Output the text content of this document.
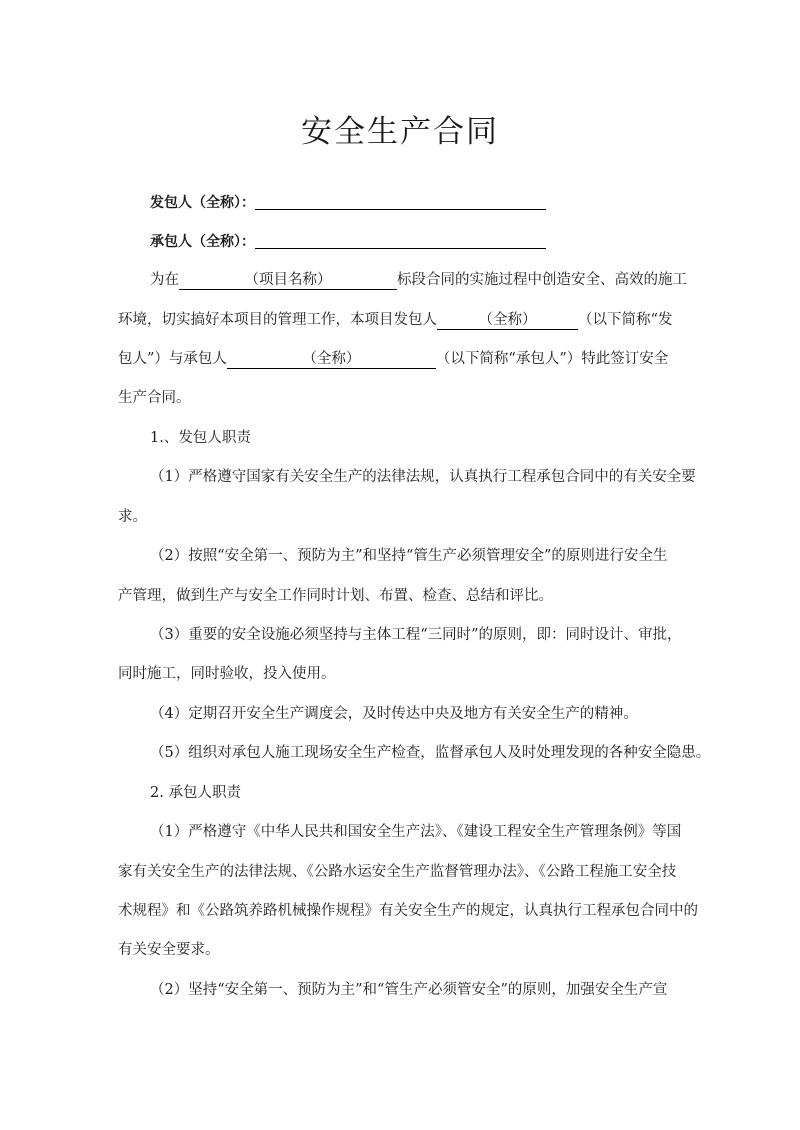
安全生产合同
发包人（全称）：
承包人（全称）：
为在	（项目名称）	标段合同的实施过程中创造安全、高效的施工
环境，切实搞好本项目的管理工作，本项目发包人	（全称）	（以下简称“发
包人”）与承包人	（全称）	（以下简称“承包人”）特此签订安全
生产合同。
1.、发包人职责
（1）严格遵守国家有关安全生产的法律法规，认真执行工程承包合同中的有关安全要
求。
（2）按照“安全第一、预防为主”和坚持“管生产必须管理安全”的原则进行安全生
产管理，做到生产与安全工作同时计划、布置、检查、总结和评比。
（3）重要的安全设施必须坚持与主体工程“三同时”的原则，即：同时设计、审批，
同时施工，同时验收，投入使用。
（4）定期召开安全生产调度会，及时传达中央及地方有关安全生产的精神。
（5）组织对承包人施工现场安全生产检查，监督承包人及时处理发现的各种安全隐患。
2. 承包人职责
（1）严格遵守《中华人民共和国安全生产法》、《建设工程安全生产管理条例》等国
家有关安全生产的法律法规、《公路水运安全生产监督管理办法》、《公路工程施工安全技
术规程》和《公路筑养路机械操作规程》有关安全生产的规定，认真执行工程承包合同中的
有关安全要求。
（2）坚持“安全第一、预防为主”和“管生产必须管安全”的原则，加强安全生产宣
